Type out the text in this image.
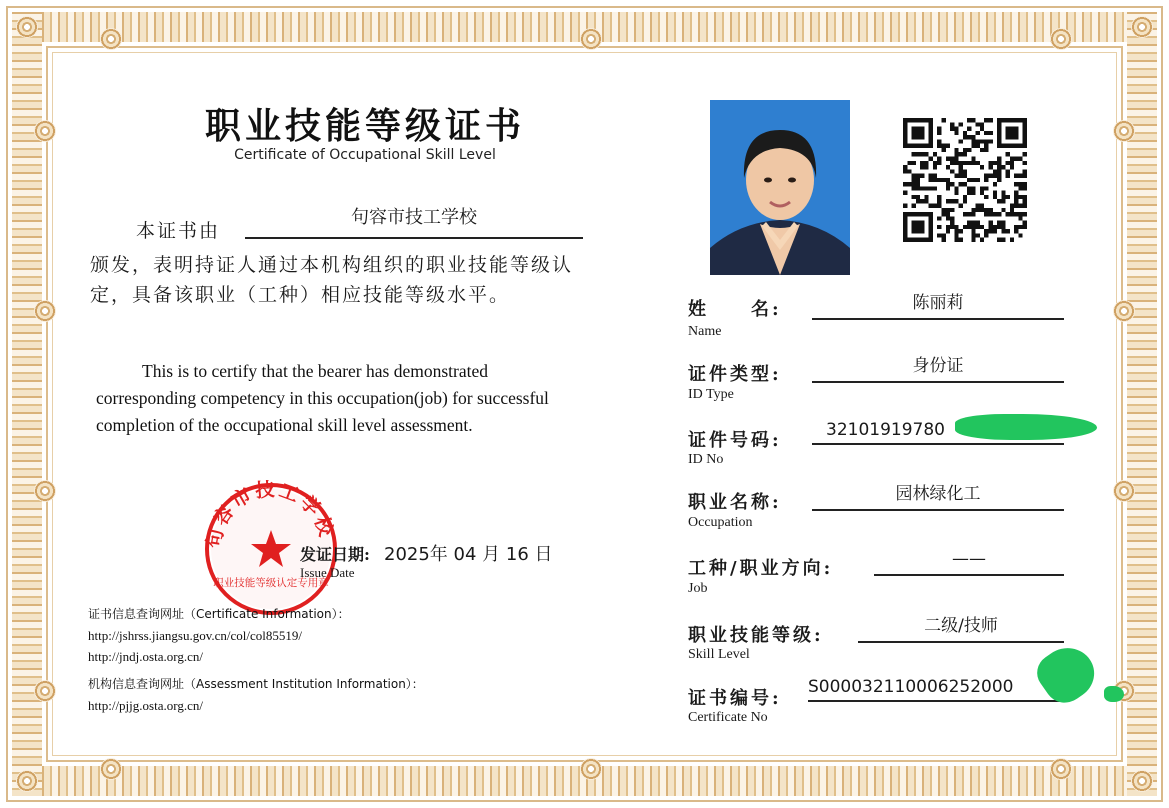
职业技能等级证书
Certificate of Occupational Skill Level
本证书由
句容市技工学校
颁发，表明持证人通过本机构组织的职业技能等级认定，具备该职业（工种）相应技能等级水平。
This is to certify that the bearer has demonstrated corresponding competency in this occupation(job) for successful completion of the occupational skill level assessment.
句容市技工学校
职业技能等级认定专用章
发证日期:
Issue Date
2025年 04 月 16 日
证书信息查询网址（Certificate Information）：
http://jshrss.jiangsu.gov.cn/col/col85519/
http://jndj.osta.org.cn/
机构信息查询网址（Assessment Institution Information）：
http://pjjg.osta.org.cn/
姓　　名:
Name
陈丽莉
证件类型:
ID Type
身份证
证件号码:
ID No
32101919780
职业名称:
Occupation
园林绿化工
工种/职业方向:
Job
——
职业技能等级:
Skill Level
二级/技师
证书编号:
Certificate No
S000032110006252000
